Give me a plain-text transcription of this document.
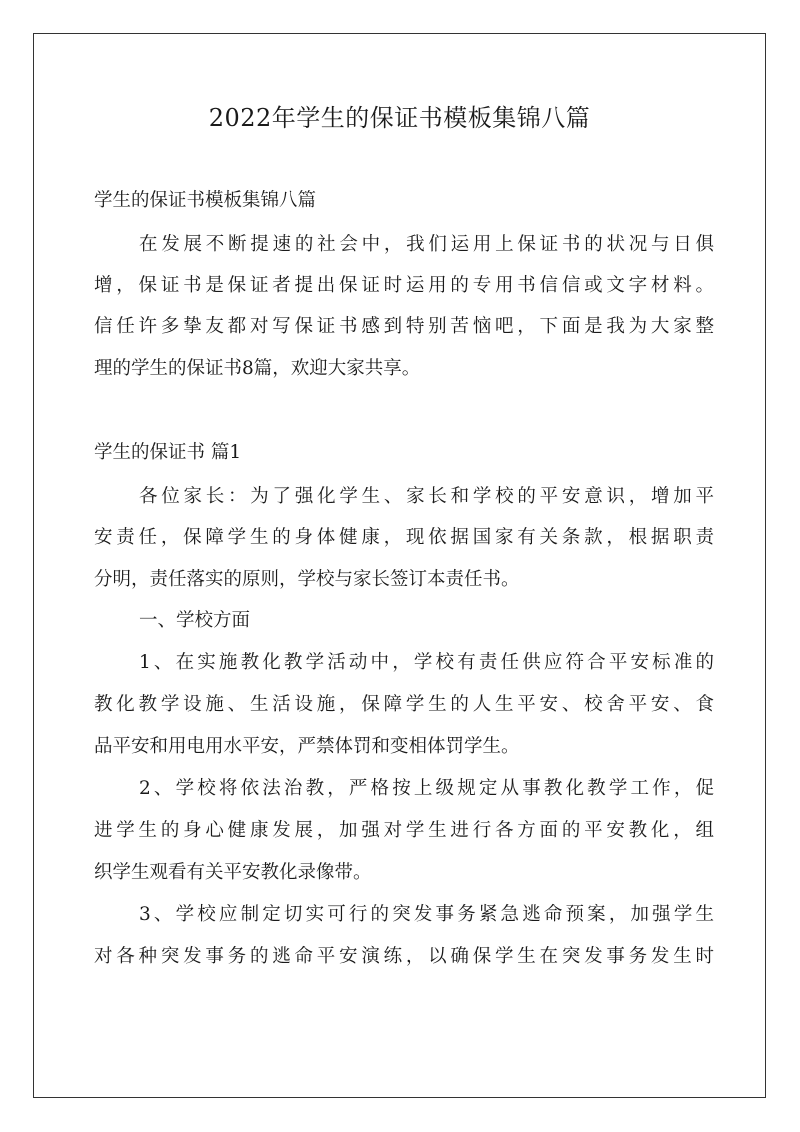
2022年学生的保证书模板集锦八篇
学生的保证书模板集锦八篇
在发展不断提速的社会中，我们运用上保证书的状况与日俱
增，保证书是保证者提出保证时运用的专用书信信或文字材料。
信任许多挚友都对写保证书感到特别苦恼吧，下面是我为大家整
理的学生的保证书8篇，欢迎大家共享。
学生的保证书 篇1
各位家长：为了强化学生、家长和学校的平安意识，增加平
安责任，保障学生的身体健康，现依据国家有关条款，根据职责
分明，责任落实的原则，学校与家长签订本责任书。
一、学校方面
1、在实施教化教学活动中，学校有责任供应符合平安标准的
教化教学设施、生活设施，保障学生的人生平安、校舍平安、食
品平安和用电用水平安，严禁体罚和变相体罚学生。
2、学校将依法治教，严格按上级规定从事教化教学工作，促
进学生的身心健康发展，加强对学生进行各方面的平安教化，组
织学生观看有关平安教化录像带。
3、学校应制定切实可行的突发事务紧急逃命预案，加强学生
对各种突发事务的逃命平安演练，以确保学生在突发事务发生时
